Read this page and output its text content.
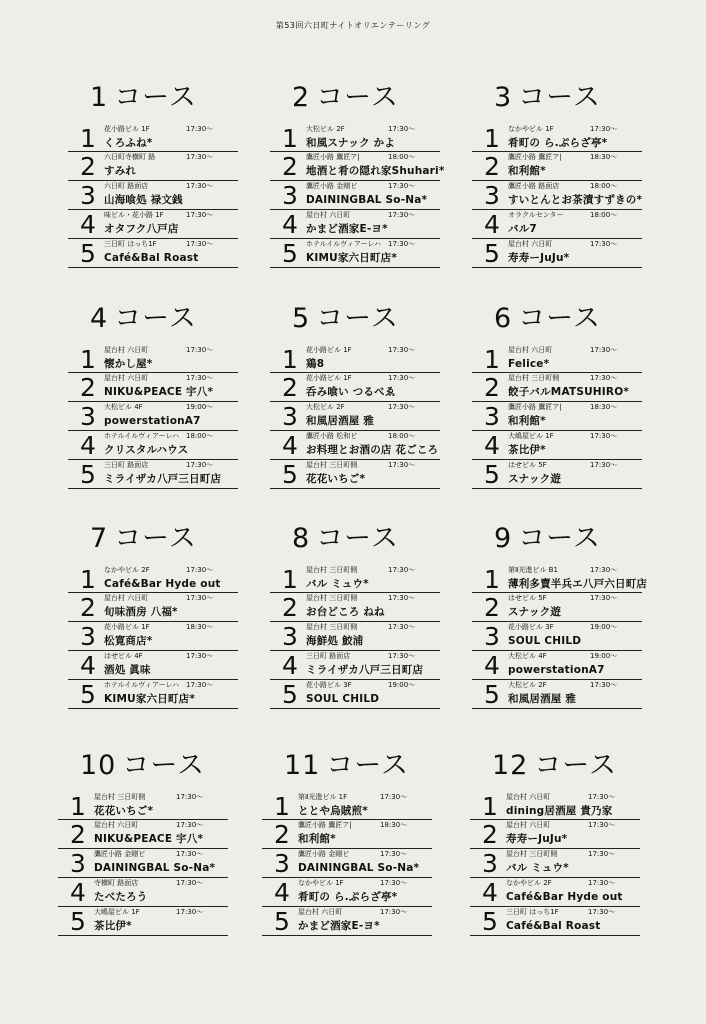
第53回六日町ナイトオリエンテーリング
1 コース
1 花小路ビル 1F	17:30〜
くろふね*
2 六日町寺横町 路	17:30〜
すみれ
3 六日町 路面店	17:30〜
山海喰処 禄文銭
4 味ビル・花小路 1F	17:30〜
オタフク八戸店
5 三日町 はっち1F	17:30〜
Café&Bal Roast
2 コース
1 大松ビル 2F	17:30〜
和風スナック かよ
2 鷹匠小路 鷹匠ア|	18:00〜
地酒と肴の隠れ家Shuhari*
3 鷹匠小路 金剛ビ	17:30〜
DAININGBAL So-Na*
4 屋台村 六日町	17:30〜
かまど酒家E-ヨ*
5 ホテルイルヴィアーレハ 17:30〜
KIMU家六日町店*
3 コース
1 なかやビル 1F	17:30〜
肴町の ら.ぷらざ亭*
2 鷹匠小路 鷹匠ア|	18:30〜
和利館*
3 鷹匠小路 路面店	18:00〜
すいとんとお茶漬すずきの*
4 オラクルセンター	18:00〜
バル7
5 屋台村 六日町	17:30〜
寿寿ーJuJu*
4 コース
1 屋台村 六日町	17:30〜
懐かし屋*
2 屋台村 六日町	17:30〜
NIKU&PEACE 宇八*
3 大松ビル 4F	19:00〜
powerstationA7
4 ホテルイルヴィアーレハ 18:00〜
クリスタルハウス
5 三日町 路面店	17:30〜
ミライザカ八戸三日町店
5 コース
1 花小路ビル 1F	17:30〜
鶏8
2 花小路ビル 1F	17:30〜
呑み喰い つるべゑ
3 大松ビル 2F	17:30〜
和風居酒屋 雅
4 鷹匠小路 松和ビ	18:00〜
お料理とお酒の店 花ごころ
5 屋台村 三日町側	17:30〜
花花いちご*
6 コース
1 屋台村 六日町	17:30〜
Felice*
2 屋台村 三日町側	17:30〜
餃子バルMATSUHIRO*
3 鷹匠小路 鷹匠ア|	18:30〜
和利館*
4 大嶋屋ビル 1F	17:30〜
茶比伊*
5 はせビル 5F	17:30〜
スナック遊
7 コース
1 なかやビル 2F	17:30〜
Café&Bar Hyde out
2 屋台村 六日町	17:30〜
旬味酒房 八福*
3 花小路ビル 1F	18:30〜
松寛商店*
4 はせビル 4F	17:30〜
酒処 眞味
5 ホテルイルヴィアーレハ 17:30〜
KIMU家六日町店*
8 コース
1 屋台村 三日町側	17:30〜
バル ミュウ*
2 屋台村 三日町側	17:30〜
お台どころ ねね
3 屋台村 三日町側	17:30〜
海鮮処 鮫浦
4 三日町 路面店	17:30〜
ミライザカ八戸三日町店
5 花小路ビル 3F	19:00〜
SOUL CHILD
9 コース
1 第Ⅱ光進ビル B1	17:30〜
薄利多賣半兵エ八戸六日町店
2 はせビル 5F	17:30〜
スナック遊
3 花小路ビル 3F	19:00〜
SOUL CHILD
4 大松ビル 4F	19:00〜
powerstationA7
5 大松ビル 2F	17:30〜
和風居酒屋 雅
10 コース
1 屋台村 三日町側	17:30〜
花花いちご*
2 屋台村 六日町	17:30〜
NIKU&PEACE 宇八*
3 鷹匠小路 金剛ビ	17:30〜
DAININGBAL So-Na*
4 寺横町 路面店	17:30〜
たべたろう
5 大嶋屋ビル 1F	17:30〜
茶比伊*
11 コース
1 第Ⅱ光進ビル 1F	17:30〜
ととや烏賊煎*
2 鷹匠小路 鷹匠ア|	18:30〜
和利館*
3 鷹匠小路 金剛ビ	17:30〜
DAININGBAL So-Na*
4 なかやビル 1F	17:30〜
肴町の ら.ぷらざ亭*
5 屋台村 六日町	17:30〜
かまど酒家E-ヨ*
12 コース
1 屋台村 六日町	17:30〜
dining居酒屋 貴乃家
2 屋台村 六日町	17:30〜
寿寿ーJuJu*
3 屋台村 三日町側	17:30〜
バル ミュウ*
4 なかやビル 2F	17:30〜
Café&Bar Hyde out
5 三日町 はっち1F	17:30〜
Café&Bal Roast
